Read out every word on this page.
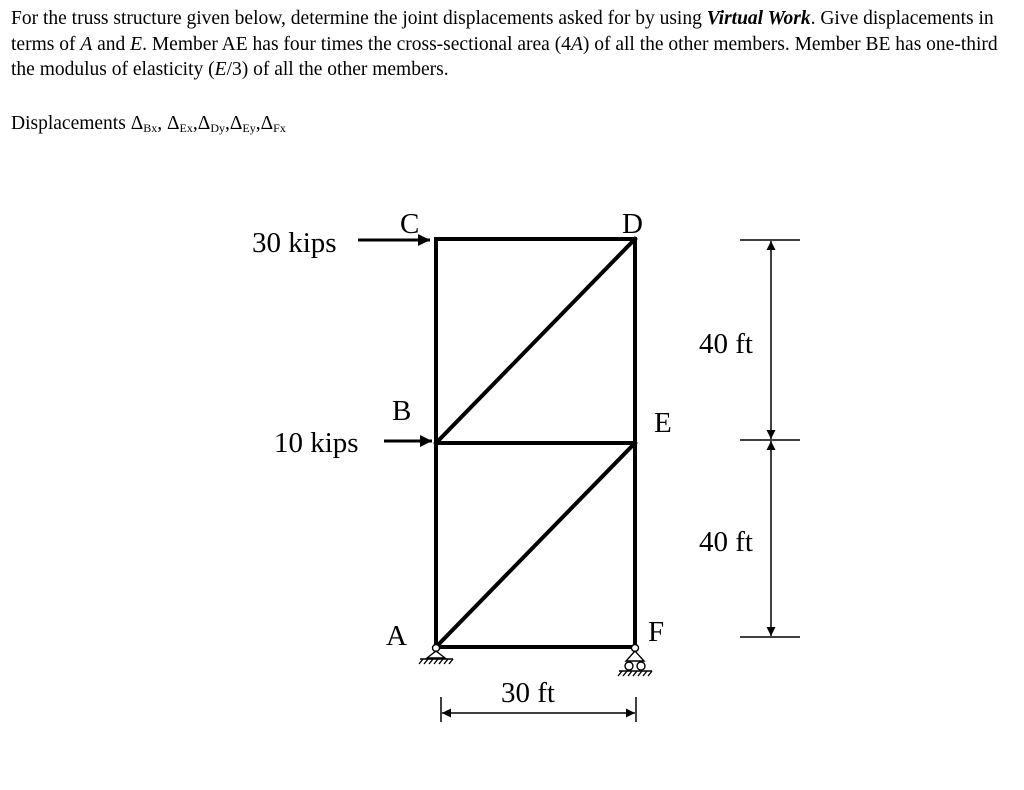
For the truss structure given below, determine the joint displacements asked for by using Virtual Work. Give displacements in terms of A and E. Member AE has four times the cross-sectional area (4A) of all the other members. Member BE has one-third the modulus of elasticity (E/3) of all the other members.

Displacements $\Delta_{Bx}$, $\Delta_{Ex},\Delta_{Dy},\Delta_{Ey},\Delta_{Fx}$
30 kips
10 kips
C	D
B	E
A	F
40 ft
40 ft
30 ft
